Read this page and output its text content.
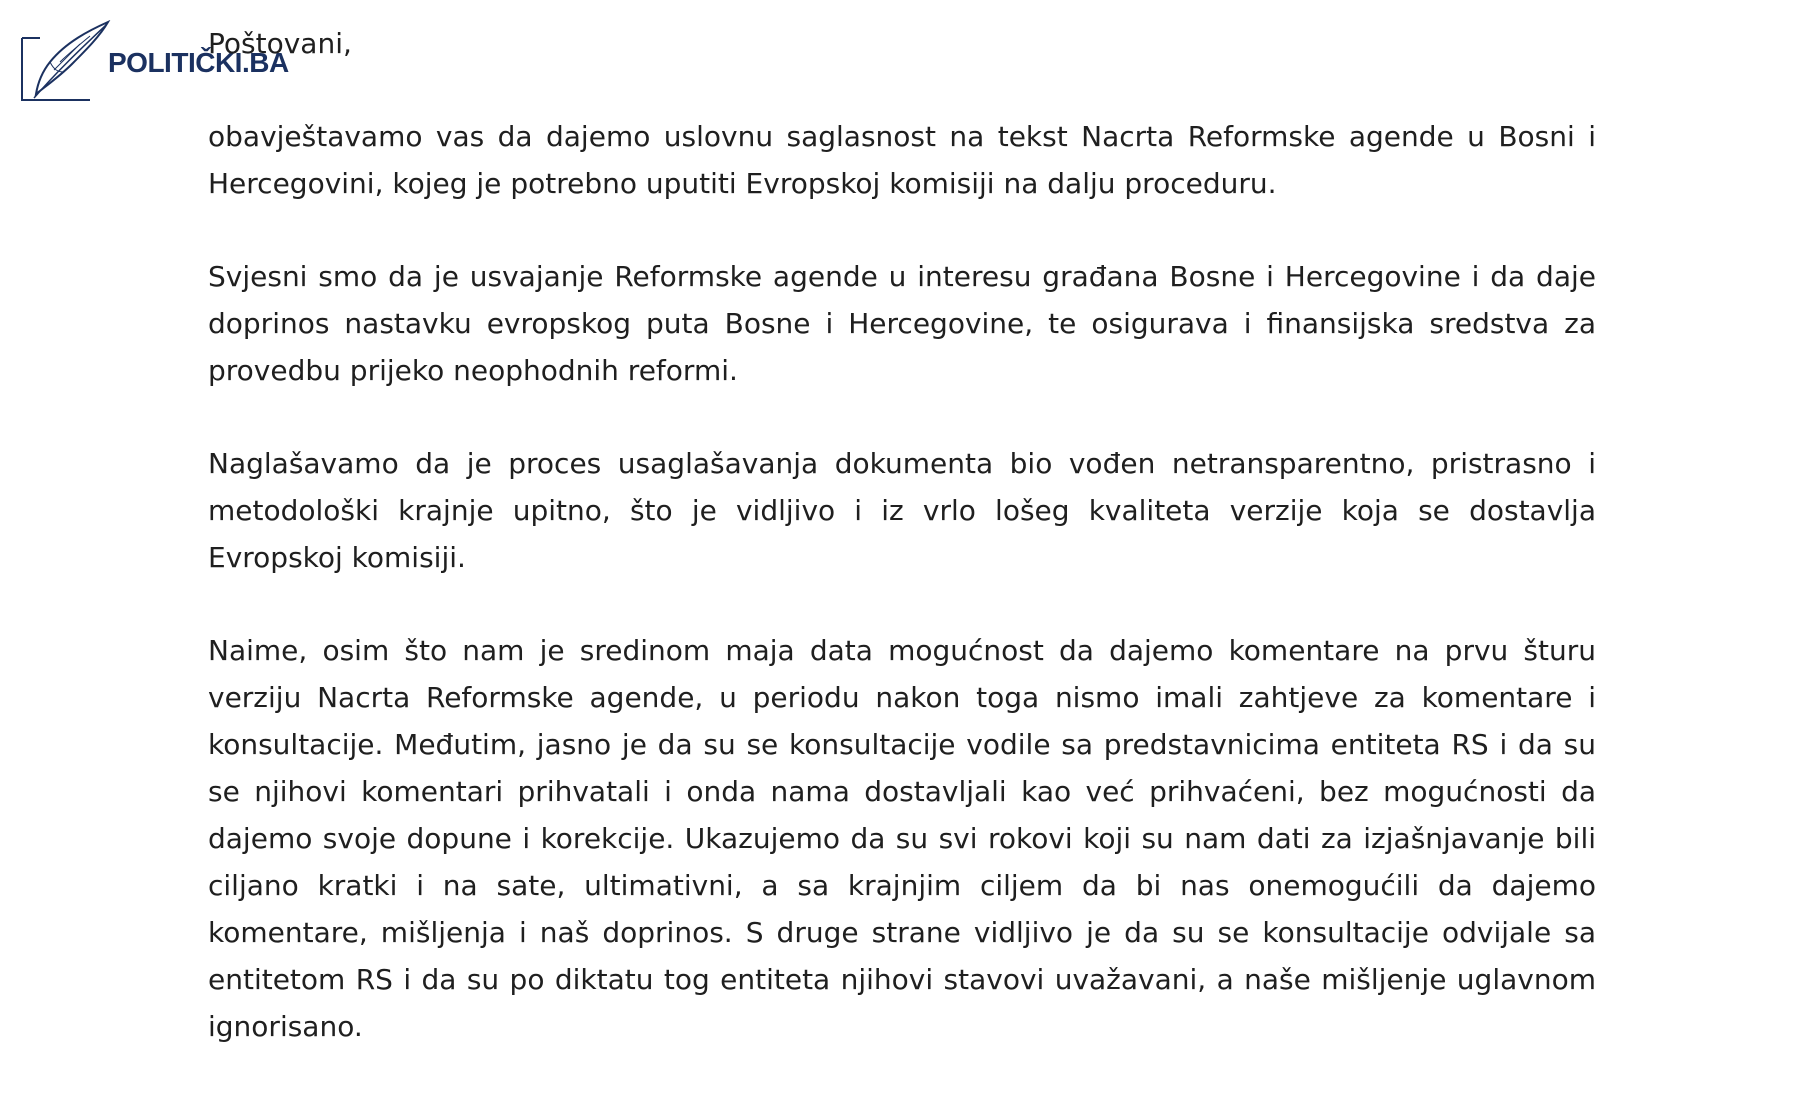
POLITIČKI.BA

Poštovani,

obavještavamo vas da dajemo uslovnu saglasnost na tekst Nacrta Reformske agende u Bosni i Hercegovini, kojeg je potrebno uputiti Evropskoj komisiji na dalju proceduru.

Svjesni smo da je usvajanje Reformske agende u interesu građana Bosne i Hercegovine i da daje doprinos nastavku evropskog puta Bosne i Hercegovine, te osigurava i finansijska sredstva za provedbu prijeko neophodnih reformi.

Naglašavamo da je proces usaglašavanja dokumenta bio vođen netransparentno, pristrasno i metodološki krajnje upitno, što je vidljivo i iz vrlo lošeg kvaliteta verzije koja se dostavlja Evropskoj komisiji.

Naime, osim što nam je sredinom maja data mogućnost da dajemo komentare na prvu šturu verziju Nacrta Reformske agende, u periodu nakon toga nismo imali zahtjeve za komentare i konsultacije. Međutim, jasno je da su se konsultacije vodile sa predstavnicima entiteta RS i da su se njihovi komentari prihvatali i onda nama dostavljali kao već prihvaćeni, bez mogućnosti da dajemo svoje dopune i korekcije. Ukazujemo da su svi rokovi koji su nam dati za izjašnjavanje bili ciljano kratki i na sate, ultimativni, a sa krajnjim ciljem da bi nas onemogućili da dajemo komentare, mišljenja i naš doprinos. S druge strane vidljivo je da su se konsultacije odvijale sa entitetom RS i da su po diktatu tog entiteta njihovi stavovi uvažavani, a naše mišljenje uglavnom ignorisano.
